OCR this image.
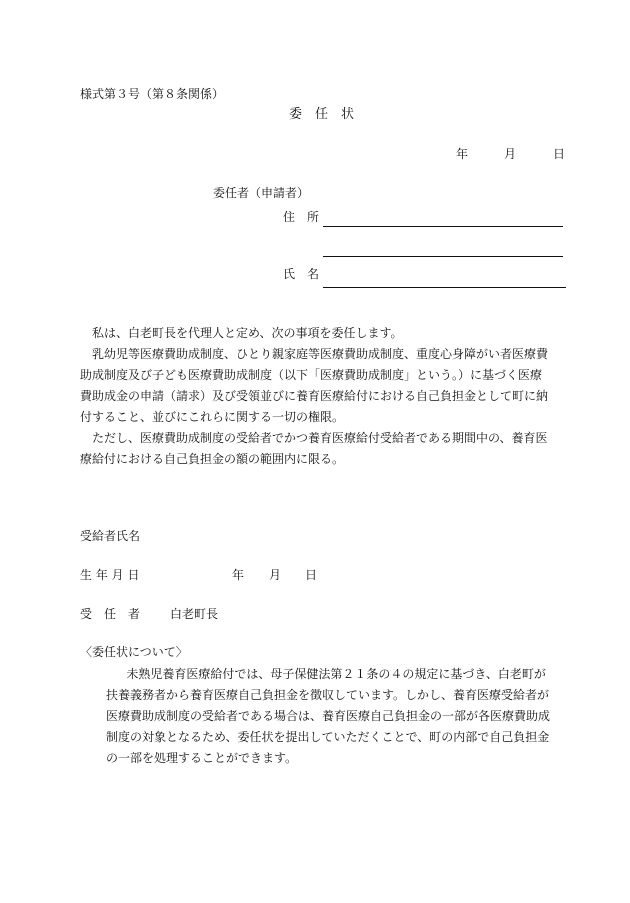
様式第３号（第８条関係）
委　任　状
年	月	日
委任者（申請者）
住　所
氏　名

私は、白老町長を代理人と定め、次の事項を委任します。

乳幼児等医療費助成制度、ひとり親家庭等医療費助成制度、重度心身障がい者医療費助成制度及び子ども医療費助成制度（以下「医療費助成制度」という。）に基づく医療費助成金の申請（請求）及び受領並びに養育医療給付における自己負担金として町に納付すること、並びにこれらに関する一切の権限。

ただし、医療費助成制度の受給者でかつ養育医療給付受給者である期間中の、養育医療給付における自己負担金の額の範囲内に限る。

受給者氏名
生 年 月 日	年 月 日
受　任　者 白老町長
〈委任状について〉

未熟児養育医療給付では、母子保健法第２１条の４の規定に基づき、白老町が扶養義務者から養育医療自己負担金を徴収しています。しかし、養育医療受給者が医療費助成制度の受給者である場合は、養育医療自己負担金の一部が各医療費助成制度の対象となるため、委任状を提出していただくことで、町の内部で自己負担金の一部を処理することができます。
